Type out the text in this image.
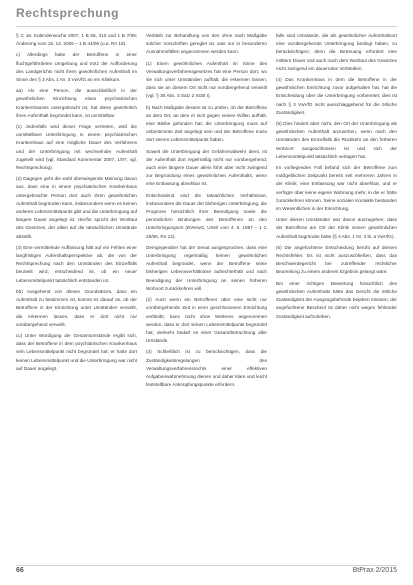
Rechtsprechung

§ 3; 16. Kalenderwoche 2007, 1 B 58, 310 und 1 B 7/99; Änderung vom 15. 12. 2006 – 1 B 44/06 (u.a. Rn 18).

c) Allerdings hatte der Betroffene in einer fluchtgefährdeten Umgebung und trotz der Aufforderung des Landgerichts nicht ihren gewöhnlichen Aufenthalt im Sinne des § 3 Abs. 1 Nr. 3 VwVfG an ein Klinikum.

aa) Als eine Person, die ausschließlich in der gewöhnlichen Einrichtung eines psychiatrischen Krankenhauses untergebracht ist, hat diese gewöhnlich ihren Aufenthalt begründet kann, ist unmittelbar.

(1) Jedenfalls wird dieser Frage vertreten, wird die unmittelbare Unterbringung in einem psychiatrischen Krankenhaus auf eine mögliche Dauer des Verfahrens und der Unterbringung mit wechselnder Aufenthalt zugeteilt wird (vgl. Standard Kommentar 2007, 1/97, vgl. Rechtsprechung).

(2) Dagegen geht die wohl überwiegende Meinung davon aus, dass eine in einem psychiatrischen Krankenhaus untergebrachte Person dort auch ihren gewöhnlichen Aufenthalt begründen kann, insbesondere wenn es keinen anderen Lebensmittelpunkt gibt und die Unterbringung auf längere Dauer angelegt ist. Hierfür spricht der Wortlaut des Gesetzes, der allein auf die tatsächlichen Umstände abstellt.

(3) Eine vermittelnde Auffassung hält auf ein Fehlen einer langfristigen Aufenthaltsperspektive ab, die von der Rechtsprechung nach den Umständen des Einzelfalls beurteilt wird; entscheidend ist, ob ein neuer Lebensmittelpunkt tatsächlich entstanden ist.

bb) Ausgehend von diesen Grundsätzen, dass ein Aufenthalt zu bestimmen ist, kommt es darauf an, ob der Betroffene in der Einrichtung unter Umständen verweilt, die erkennen lassen, dass er dort nicht nur vorübergehend verweilt.

cc) Unter Würdigung der Gesamtumstände ergibt sich, dass der Betroffene in dem psychiatrischen Krankenhaus sein Lebensmittelpunkt nicht begründet hat; er hatte dort keinen Lebensmittelpunkt und die Unterbringung war nicht auf Dauer angelegt.

Verbleib zur Behandlung von den ohne nach Maßgabe solcher Vorschriften gereglet ist, was nur in besonderen Ausnahmefällen angenommen werden kann.

(1) Einen gewöhnlichen Aufenthalt im Sinne des Verwaltungsverfahrensgesetzes hat eine Person dort, wo sie sich unter Umständen aufhält, die erkennen lassen, dass sie an diesem Ort nicht nur vorübergehend verweilt (vgl. § 30 Abs. 3 Satz 2 SGB I).

b) Nach Maßgabe dessen ist zu prüfen, ob der Betroffene an dem Ort, an dem er sich gegen seinen Willen aufhält, eine Bleibe gefunden hat; die Unterbringung muss auf unbestimmte Zeit angelegt sein und der Betroffene muss dort seinen Lebensmittelpunkt haben.

Soweit die Unterbringung der Gefahrenabwehr dient, ist der Aufenthalt dort regelmäßig nicht nur vorübergehend; auch eine längere Dauer allein führt aber nicht zwingend zur Begründung eines gewöhnlichen Aufenthalts, wenn eine Entlassung absehbar ist.

Entscheidend sind die tatsächlichen Verhältnisse, insbesondere die Dauer der bisherigen Unterbringung, die Prognose hinsichtlich ihrer Beendigung sowie die persönlichen Bindungen des Betroffenen an den Unterbringungsort (BVerwG, Urteil vom 4. 6. 1997 – 1 C 25/96, Rn 12).

Demgegenüber hat der Senat ausgesprochen, dass eine Unterbringung regelmäßig keinen gewöhnlichen Aufenthalt begründet, wenn der Betroffene seine bisherigen Lebensverhältnisse aufrechterhält und nach Beendigung der Unterbringung an seinen früheren Wohnort zurückkehren will.

(2) Auch wenn ein Betroffener über eine nicht nur vorübergehende Zeit in einer geschlossenen Einrichtung verbleibt, kann nicht ohne Weiteres angenommen werden, dass er dort seinen Lebensmittelpunkt begründet hat; vielmehr bedarf es einer Gesamtbetrachtung aller Umstände.

(3) Schließlich ist zu berücksichtigen, dass die Zuständigkeitsregelungen des Verwaltungsverfahrensrechts einer effektiven Aufgabenwahrnehmung dienen und daher klare und leicht feststellbare Anknüpfungspunkte erfordern.

falls sind Umstände, die als gewöhnlicher Aufenthaltsort eine vorübergehende Unterbringung bedingt haben, zu berücksichtigen; denn die Betreuung erfordert eine mittlere Dauer und auch nach dem Wortlaut des Gesetzes nicht zwingend ein dauerndes Verbleiben.

(4) Das Krankenhaus in dem die Betroffene in der gewöhnlichen Einrichtung zuvor aufgehalten hat, hat die Entscheidung über die Unterbringung vorbereitet; dies ist nach § 3 VwVfG nicht ausschlaggebend für die örtliche Zuständigkeit.

(5) Dies hindert aber nicht, den Ort der Unterbringung als gewöhnlichen Aufenthalt anzusehen, wenn nach den Umständen des Einzelfalls die Rückkehr an den früheren Wohnort ausgeschlossen ist und sich der Lebensmittelpunkt tatsächlich verlagert hat.

Im vorliegenden Fall befand sich der Betroffene zum maßgeblichen Zeitpunkt bereits seit mehreren Jahren in der Klinik; eine Entlassung war nicht absehbar, und er verfügte über keine eigene Wohnung mehr, in die er hätte zurückkehren können. Seine sozialen Kontakte bestanden im Wesentlichen in der Einrichtung.

Unter diesen Umständen war davon auszugehen, dass der Betroffene am Ort der Klinik seinen gewöhnlichen Aufenthalt begründet hatte (§ 3 Abs. 1 Nr. 3 lit. a VwVfG).

(6) Die angefochtene Entscheidung beruht auf diesem Rechtsfehler. Es ist nicht auszuschließen, dass das Beschwerdegericht bei zutreffender rechtlicher Beurteilung zu einem anderen Ergebnis gelangt wäre.

Bei einer richtigen Bewertung hinsichtlich des gewöhnlichen Aufenthalts hätte das Gericht die örtliche Zuständigkeit der Ausgangsbehörde bejahen müssen; der angefochtene Bescheid ist daher nicht wegen fehlender Zuständigkeit aufzuheben.

66	BtPrax 2/2015
